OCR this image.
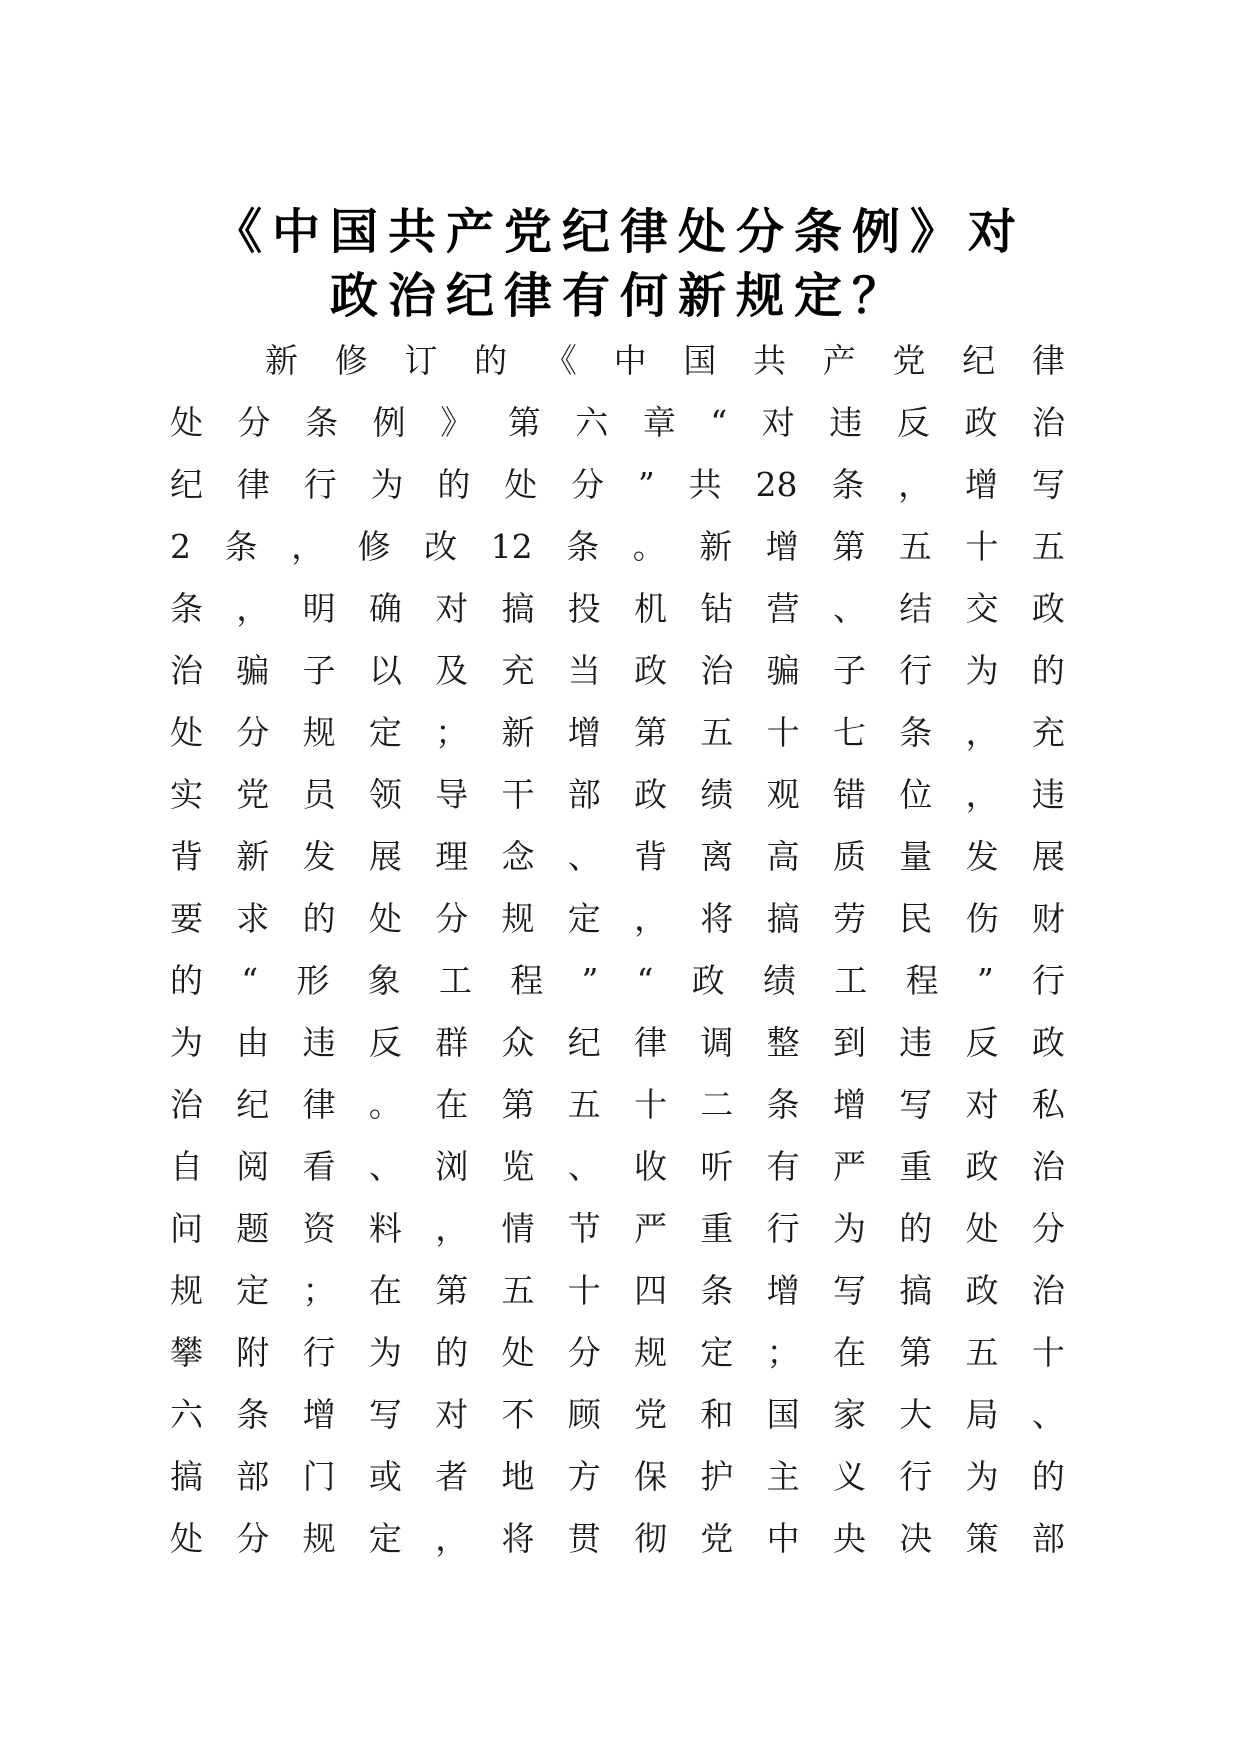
《中国共产党纪律处分条例》对
政治纪律有何新规定？
新 修 订 的 《 中 国 共 产 党 纪 律
处 分 条 例 》 第 六 章 “ 对 违 反 政 治
纪 律 行 为 的 处 分 ” 共 28 条 ， 增 写
2 条 ， 修 改 12 条 。 新 增 第 五 十 五
条 ， 明 确 对 搞 投 机 钻 营 、 结 交 政
治 骗 子 以 及 充 当 政 治 骗 子 行 为 的
处 分 规 定 ； 新 增 第 五 十 七 条 ， 充
实 党 员 领 导 干 部 政 绩 观 错 位 ， 违
背 新 发 展 理 念 、 背 离 高 质 量 发 展
要 求 的 处 分 规 定 ， 将 搞 劳 民 伤 财
的 “ 形 象 工 程 ” “ 政 绩 工 程 ” 行
为 由 违 反 群 众 纪 律 调 整 到 违 反 政
治 纪 律 。 在 第 五 十 二 条 增 写 对 私
自 阅 看 、 浏 览 、 收 听 有 严 重 政 治
问 题 资 料 ， 情 节 严 重 行 为 的 处 分
规 定 ； 在 第 五 十 四 条 增 写 搞 政 治
攀 附 行 为 的 处 分 规 定 ； 在 第 五 十
六 条 增 写 对 不 顾 党 和 国 家 大 局 、
搞 部 门 或 者 地 方 保 护 主 义 行 为 的
处 分 规 定 ， 将 贯 彻 党 中 央 决 策 部
